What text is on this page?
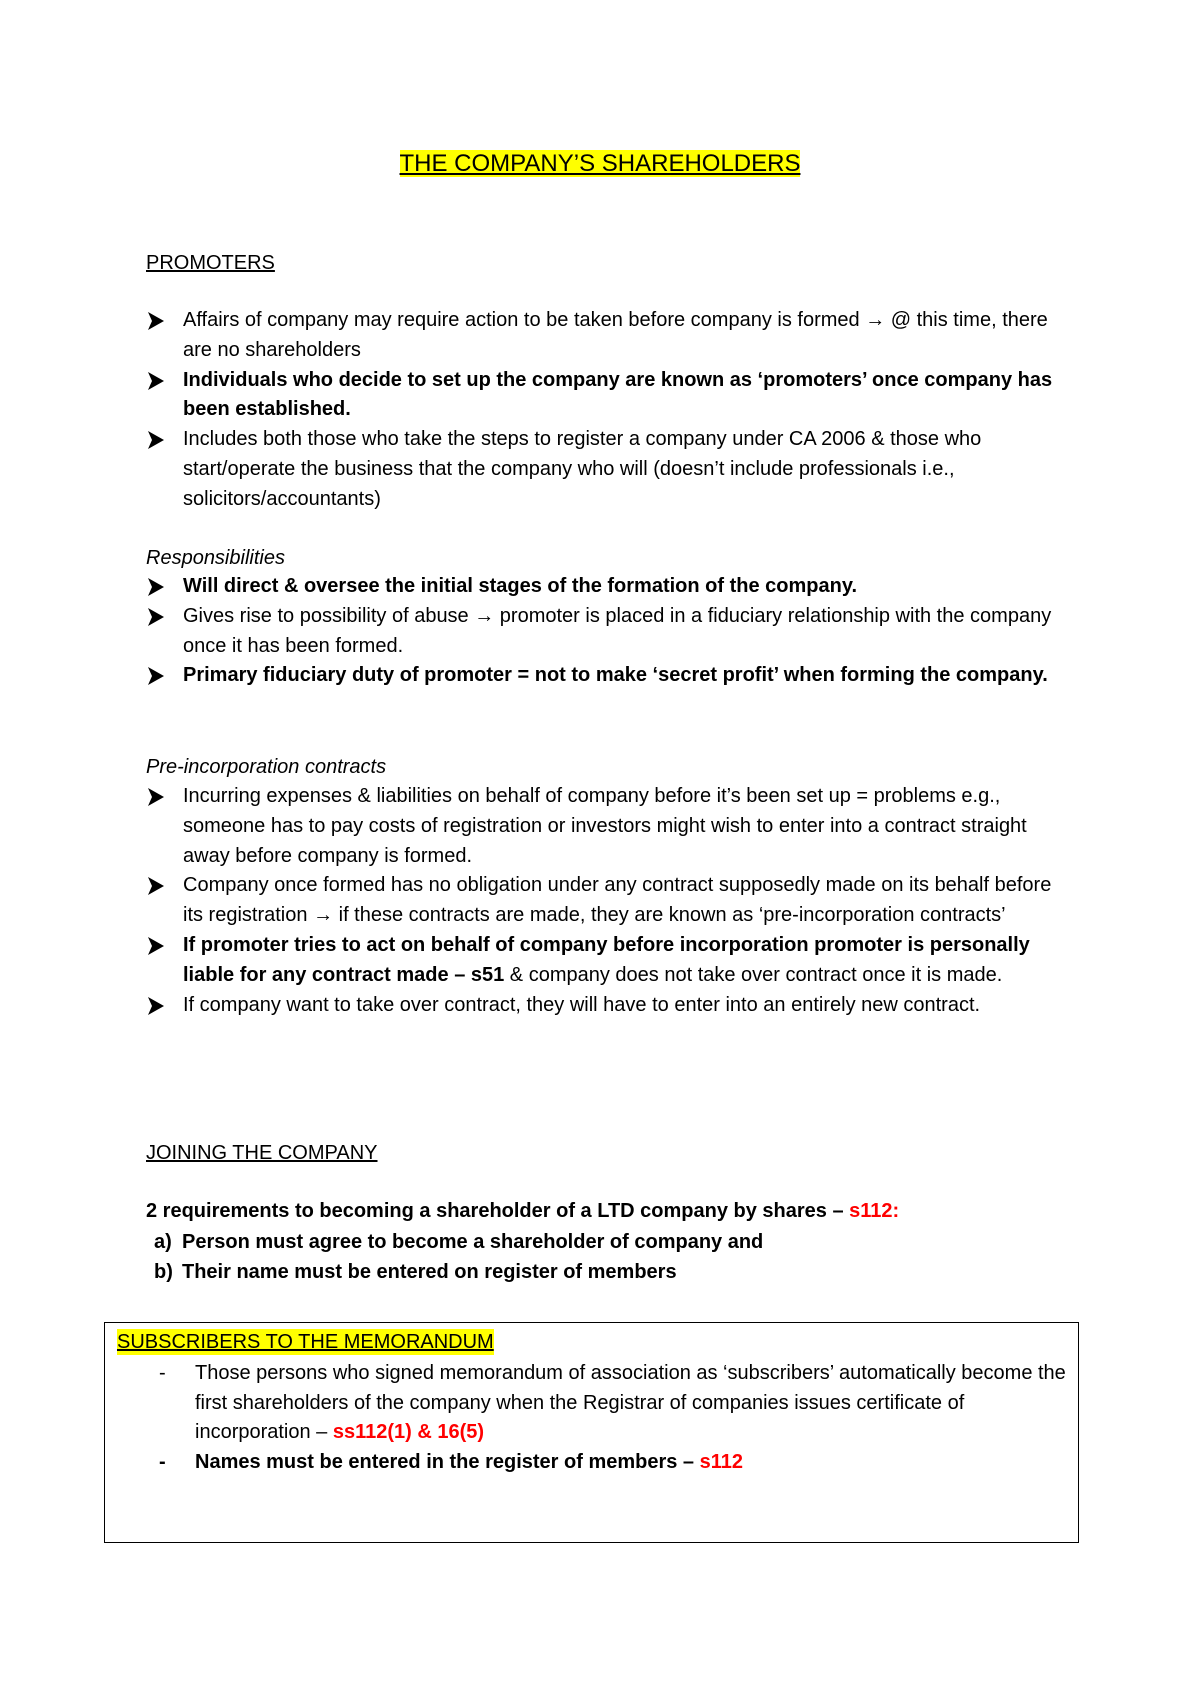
THE COMPANY’S SHAREHOLDERS
PROMOTERS
Affairs of company may require action to be taken before company is formed → @ this time, there are no shareholders
Individuals who decide to set up the company are known as ‘promoters’ once company has been established.
Includes both those who take the steps to register a company under CA 2006 & those who start/operate the business that the company who will (doesn’t include professionals i.e., solicitors/accountants)
Responsibilities
Will direct & oversee the initial stages of the formation of the company.
Gives rise to possibility of abuse → promoter is placed in a fiduciary relationship with the company once it has been formed.
Primary fiduciary duty of promoter = not to make ‘secret profit’ when forming the company.
Pre-incorporation contracts
Incurring expenses & liabilities on behalf of company before it’s been set up = problems e.g., someone has to pay costs of registration or investors might wish to enter into a contract straight away before company is formed.
Company once formed has no obligation under any contract supposedly made on its behalf before its registration → if these contracts are made, they are known as ‘pre-incorporation contracts’
If promoter tries to act on behalf of company before incorporation promoter is personally liable for any contract made – s51 & company does not take over contract once it is made.
If company want to take over contract, they will have to enter into an entirely new contract.
JOINING THE COMPANY
2 requirements to becoming a shareholder of a LTD company by shares – s112:
a) Person must agree to become a shareholder of company and
b) Their name must be entered on register of members
SUBSCRIBERS TO THE MEMORANDUM
- Those persons who signed memorandum of association as ‘subscribers’ automatically become the first shareholders of the company when the Registrar of companies issues certificate of incorporation – ss112(1) & 16(5)
- Names must be entered in the register of members – s112
